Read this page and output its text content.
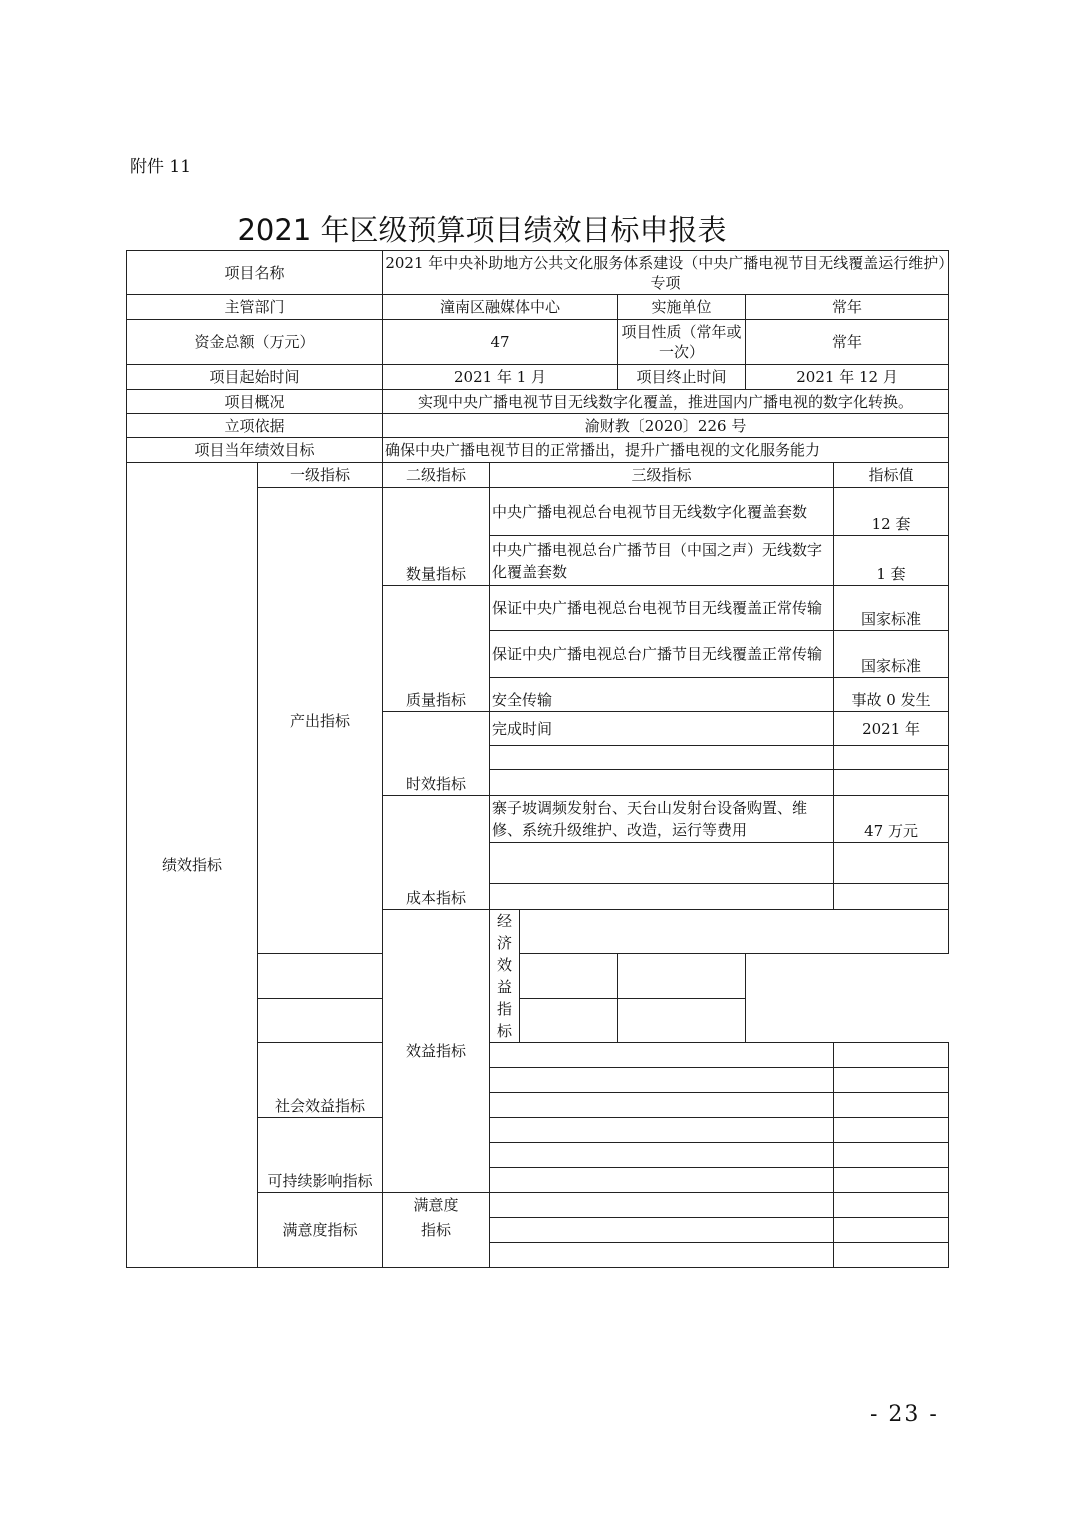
附件 11
2021 年区级预算项目绩效目标申报表
项目名称		2021 年中央补助地方公共文化服务体系建设（中央广播电视节目无线覆盖运行维护）专项						
主管部门		潼南区融媒体中心			实施单位	常年		
资金总额（万元）		47			项目性质（常年或一次）	常年		
项目起始时间		2021 年 1 月			项目终止时间	2021 年 12 月		
项目概况		实现中央广播电视节目无线数字化覆盖，推进国内广播电视的数字化转换。						
立项依据		渝财教〔2020〕226 号						
项目当年绩效目标		确保中央广播电视节目的正常播出，提升广播电视的文化服务能力						
绩效指标	一级指标	二级指标	三级指标				指标值	
	产出指标	数量指标	中央广播电视总台电视节目无线数字化覆盖套数				12 套	
			中央广播电视总台广播节目（中国之声）无线数字化覆盖套数				1 套	
		质量指标	保证中央广播电视总台电视节目无线覆盖正常传输				国家标准	
			保证中央广播电视总台广播节目无线覆盖正常传输				国家标准	
			安全传输				事故 0 发生	
		时效指标	完成时间				2021 年	

		成本指标	寨子坡调频发射台、天台山发射台设备购置、维修、系统升级维护、改造，运行等费用				47 万元	

		效益指标	经济效益指标					

	社会效益指标							

	可持续影响指标							

	满意度指标	满意度						
		指标						

- 23 -
